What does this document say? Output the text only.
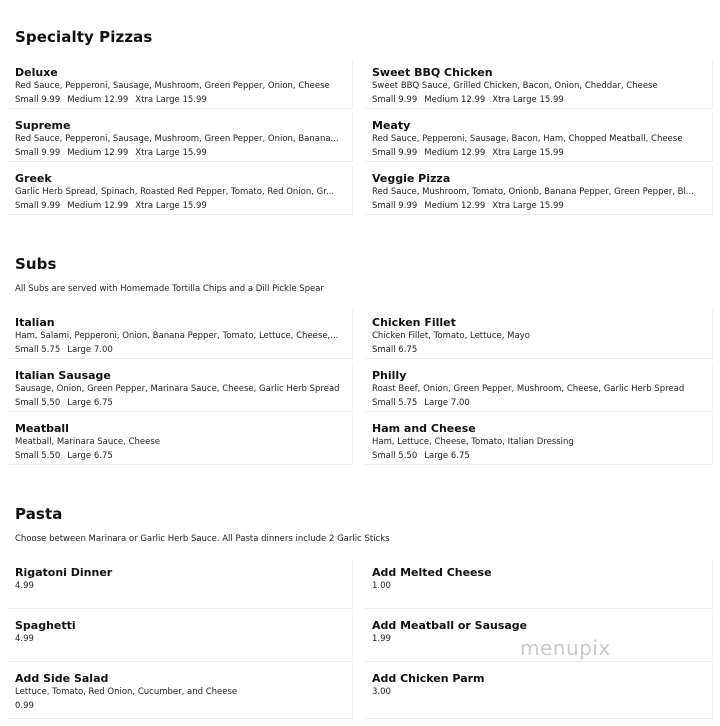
Specialty Pizzas
Deluxe
Red Sauce, Pepperoni, Sausage, Mushroom, Green Pepper, Onion, Cheese
Small 9.99 Medium 12.99 Xtra Large 15.99
Sweet BBQ Chicken
Sweet BBQ Sauce, Grilled Chicken, Bacon, Onion, Cheddar, Cheese
Small 9.99 Medium 12.99 Xtra Large 15.99
Supreme
Red Sauce, Pepperoni, Sausage, Mushroom, Green Pepper, Onion, Banana...
Small 9.99 Medium 12.99 Xtra Large 15.99
Meaty
Red Sauce, Pepperoni, Sausage, Bacon, Ham, Chopped Meatball, Cheese
Small 9.99 Medium 12.99 Xtra Large 15.99
Greek
Garlic Herb Spread, Spinach, Roasted Red Pepper, Tomato, Red Onion, Gr...
Small 9.99 Medium 12.99 Xtra Large 15.99
Veggie Pizza
Red Sauce, Mushroom, Tomato, Onionb, Banana Pepper, Green Pepper, Bl...
Small 9.99 Medium 12.99 Xtra Large 15.99
Subs

All Subs are served with Homemade Tortilla Chips and a Dill Pickle Spear

Italian
Ham, Salami, Pepperoni, Onion, Banana Pepper, Tomato, Lettuce, Cheese,...
Small 5.75 Large 7.00
Chicken Fillet
Chicken Fillet, Tomato, Lettuce, Mayo
Small 6.75
Italian Sausage
Sausage, Onion, Green Pepper, Marinara Sauce, Cheese, Garlic Herb Spread
Small 5.50 Large 6.75
Philly
Roast Beef, Onion, Green Pepper, Mushroom, Cheese, Garlic Herb Spread
Small 5.75 Large 7.00
Meatball
Meatball, Marinara Sauce, Cheese
Small 5.50 Large 6.75
Ham and Cheese
Ham, Lettuce, Cheese, Tomato, Italian Dressing
Small 5.50 Large 6.75
Pasta

Choose between Marinara or Garlic Herb Sauce. All Pasta dinners include 2 Garlic Sticks

Rigatoni Dinner
4.99
Add Melted Cheese
1.00
Spaghetti
4.99
Add Meatball or Sausage
1.99
Add Side Salad
Lettuce, Tomato, Red Onion, Cucumber, and Cheese
0.99
Add Chicken Parm
3.00
menupix
